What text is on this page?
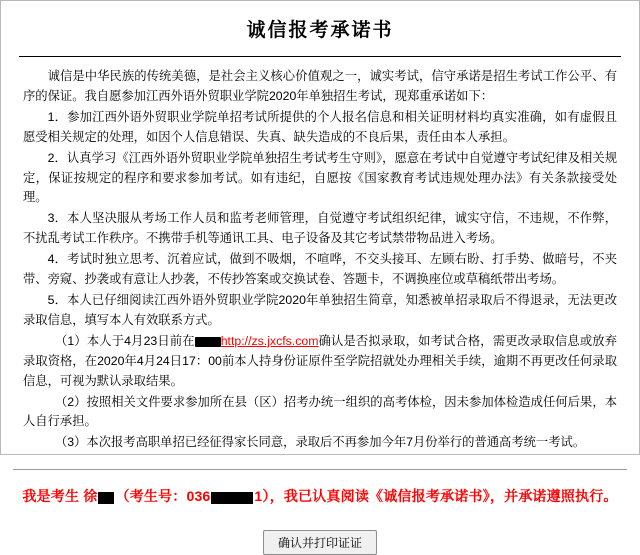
诚信报考承诺书

诚信是中华民族的传统美德，是社会主义核心价值观之一，诚实考试，信守承诺是招生考试工作公平、有序的保证。我自愿参加江西外语外贸职业学院2020年单独招生考试，现郑重承诺如下：

1．参加江西外语外贸职业学院单招考试所提供的个人报名信息和相关证明材料均真实准确，如有虚假且愿受相关规定的处理，如因个人信息错误、失真、缺失造成的不良后果，责任由本人承担。

2．认真学习《江西外语外贸职业学院单独招生考试考生守则》，愿意在考试中自觉遵守考试纪律及相关规定，保证按规定的程序和要求参加考试。如有违纪，自愿按《国家教育考试违规处理办法》有关条款接受处理。

3．本人坚决服从考场工作人员和监考老师管理，自觉遵守考试组织纪律，诚实守信，不违规，不作弊，不扰乱考试工作秩序。不携带手机等通讯工具、电子设备及其它考试禁带物品进入考场。

4．考试时独立思考、沉着应试，做到不吸烟，不喧哗，不交头接耳、左顾右盼、打手势、做暗号，不夹带、旁窥、抄袭或有意让人抄袭，不传抄答案或交换试卷、答题卡，不调换座位或草稿纸带出考场。

5．本人已仔细阅读江西外语外贸职业学院2020年单独招生简章，知悉被单招录取后不得退录，无法更改录取信息，填写本人有效联系方式。

（1）本人于4月23日前在 http://zs.jxcfs.com确认是否拟录取，如考试合格，需更改录取信息或放弃录取资格，在2020年4月24日17：00前本人持身份证原件至学院招就处办理相关手续，逾期不再更改任何录取信息，可视为默认录取结果。

（2）按照相关文件要求参加所在县（区）招考办统一组织的高考体检，因未参加体检造成任何后果，本人自行承担。

（3）本次报考高职单招已经征得家长同意，录取后不再参加今年7月份举行的普通高考统一考试。

我是考生 徐 （考生号：036	1），我已认真阅读《诚信报考承诺书》，并承诺遵照执行。
确认并打印证证
